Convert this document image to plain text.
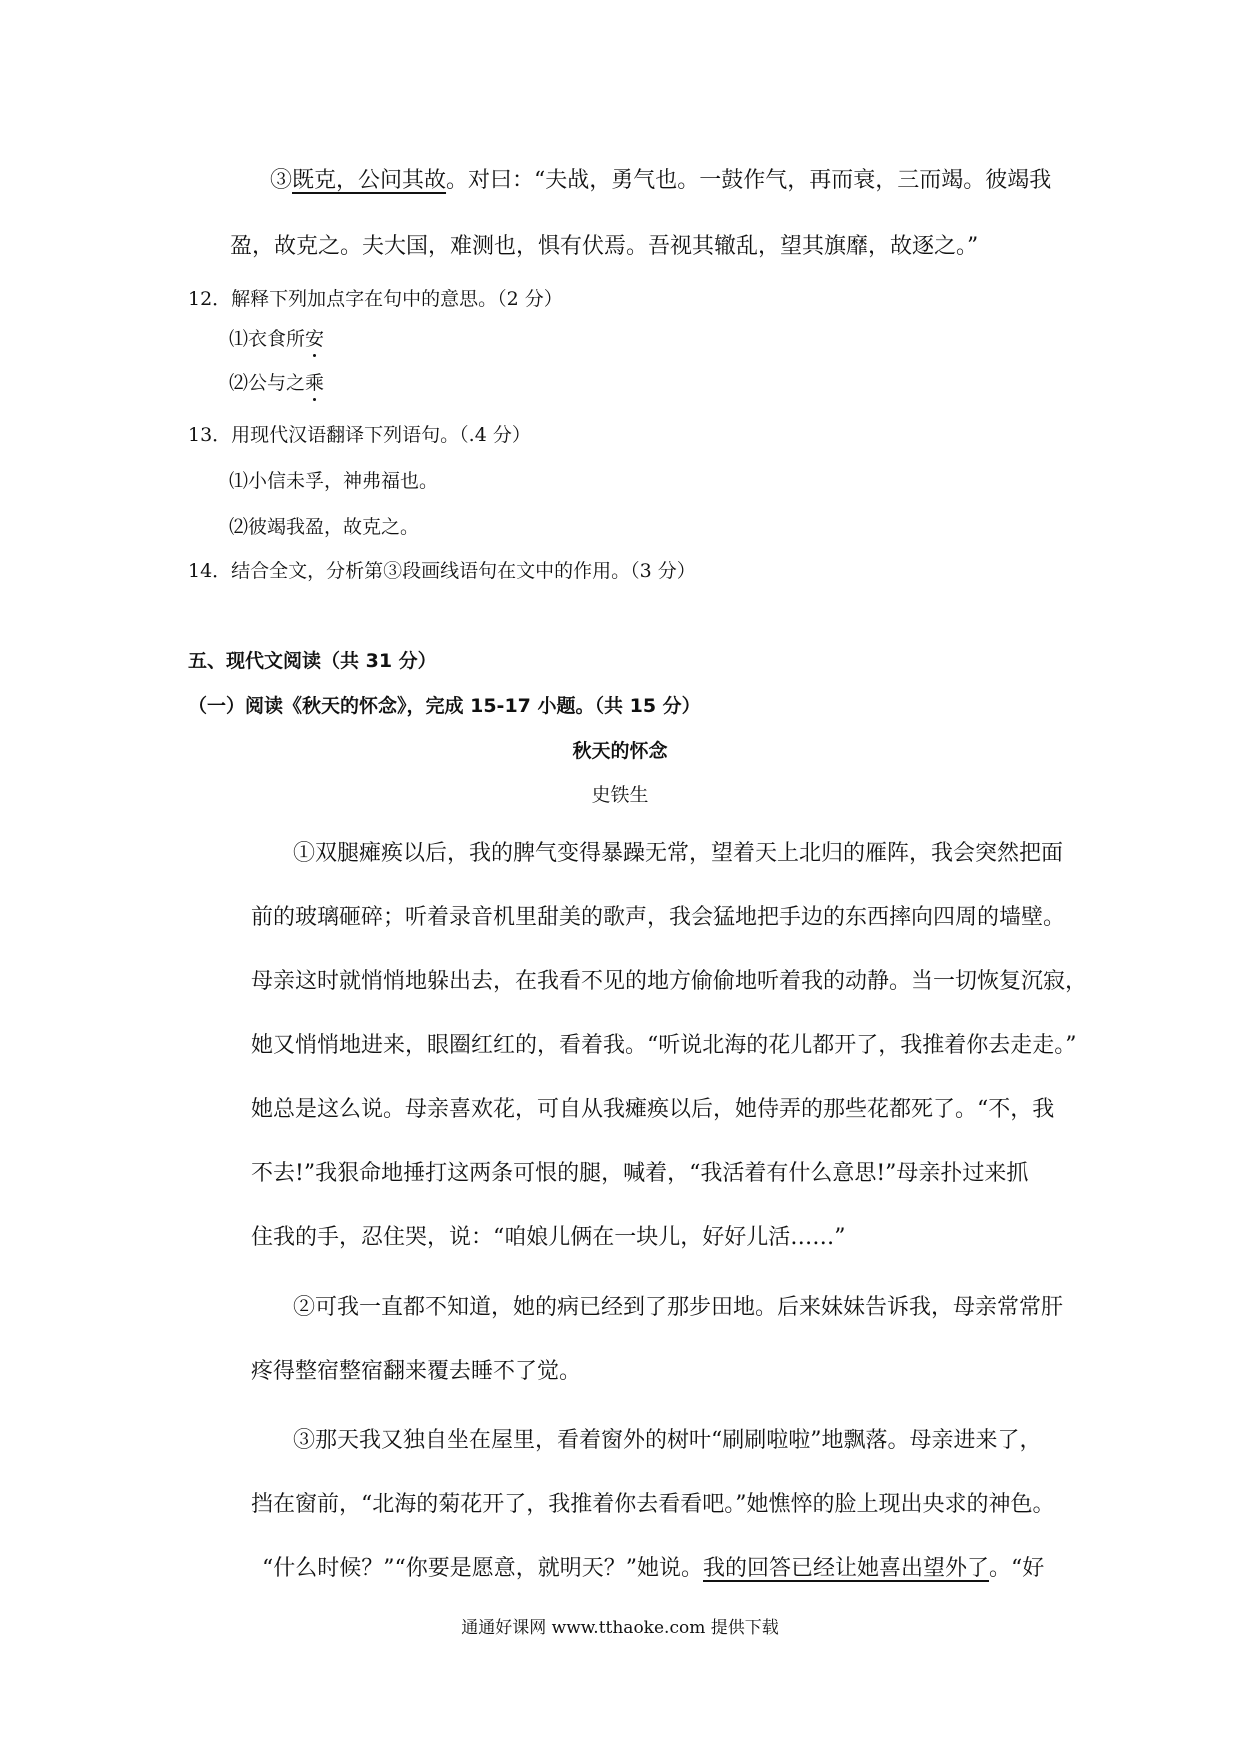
③既克，公问其故。对曰：“夫战，勇气也。一鼓作气，再而衰，三而竭。彼竭我
盈，故克之。夫大国，难测也，惧有伏焉。吾视其辙乱，望其旗靡，故逐之。”
12．解释下列加点字在句中的意思。（2 分）
⑴衣食所安
⑵公与之乘
13．用现代汉语翻译下列语句。（.4 分）
⑴小信未孚，神弗福也。
⑵彼竭我盈，故克之。
14．结合全文，分析第③段画线语句在文中的作用。（3 分）
五、现代文阅读（共 31 分）
（一）阅读《秋天的怀念》，完成 15-17 小题。（共 15 分）
秋天的怀念
史铁生
①双腿瘫痪以后，我的脾气变得暴躁无常，望着天上北归的雁阵，我会突然把面
前的玻璃砸碎；听着录音机里甜美的歌声，我会猛地把手边的东西摔向四周的墙壁。
母亲这时就悄悄地躲出去，在我看不见的地方偷偷地听着我的动静。当一切恢复沉寂，
她又悄悄地进来，眼圈红红的，看着我。“听说北海的花儿都开了，我推着你去走走。”
她总是这么说。母亲喜欢花，可自从我瘫痪以后，她侍弄的那些花都死了。“不，我
不去!”我狠命地捶打这两条可恨的腿，喊着，“我活着有什么意思!”母亲扑过来抓
住我的手，忍住哭，说：“咱娘儿俩在一块儿，好好儿活……”
②可我一直都不知道，她的病已经到了那步田地。后来妹妹告诉我，母亲常常肝
疼得整宿整宿翻来覆去睡不了觉。
③那天我又独自坐在屋里，看着窗外的树叶“刷刷啦啦”地飘落。母亲进来了，
挡在窗前，“北海的菊花开了，我推着你去看看吧。”她憔悴的脸上现出央求的神色。
“什么时候？”“你要是愿意，就明天？”她说。我的回答已经让她喜出望外了。“好
通通好课网 www.tthaoke.com 提供下载
